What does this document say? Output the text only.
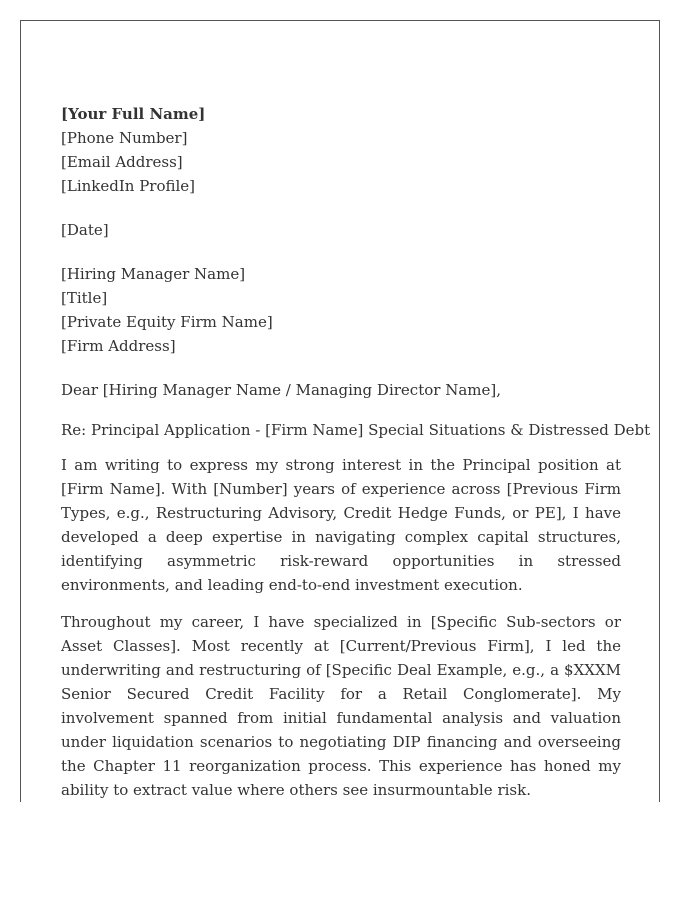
[Your Full Name]
[Phone Number]
[Email Address]
[LinkedIn Profile]
[Date]
[Hiring Manager Name]
[Title]
[Private Equity Firm Name]
[Firm Address]
Dear [Hiring Manager Name / Managing Director Name],
Re: Principal Application - [Firm Name] Special Situations & Distressed Debt

I am writing to express my strong interest in the Principal position at [Firm Name]. With [Number] years of experience across [Previous Firm Types, e.g., Restructuring Advisory, Credit Hedge Funds, or PE], I have developed a deep expertise in navigating complex capital structures, identifying asymmetric risk-reward opportunities in stressed environments, and leading end-to-end investment execution.

Throughout my career, I have specialized in [Specific Sub-sectors or Asset Classes]. Most recently at [Current/Previous Firm], I led the underwriting and restructuring of [Specific Deal Example, e.g., a $XXXM Senior Secured Credit Facility for a Retail Conglomerate]. My involvement spanned from initial fundamental analysis and valuation under liquidation scenarios to negotiating DIP financing and overseeing the Chapter 11 reorganization process. This experience has honed my ability to extract value where others see insurmountable risk.
